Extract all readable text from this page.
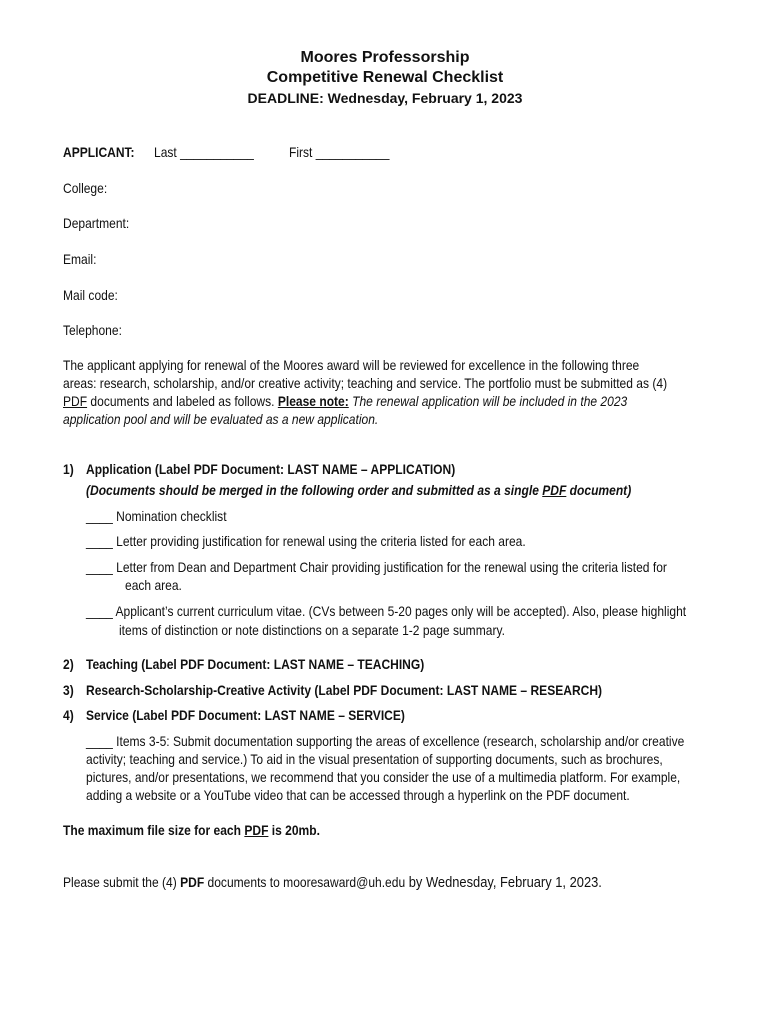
Moores Professorship
Competitive Renewal Checklist
DEADLINE: Wednesday, February 1, 2023
APPLICANT: Last ___________	First ___________
College:
Department:
Email:
Mail code:
Telephone:
The applicant applying for renewal of the Moores award will be reviewed for excellence in the following three
areas: research, scholarship, and/or creative activity; teaching and service. The portfolio must be submitted as (4)
PDF documents and labeled as follows. Please note: The renewal application will be included in the 2023
application pool and will be evaluated as a new application.
1) Application (Label PDF Document: LAST NAME – APPLICATION)
(Documents should be merged in the following order and submitted as a single PDF document)
____ Nomination checklist
____ Letter providing justification for renewal using the criteria listed for each area.
____ Letter from Dean and Department Chair providing justification for the renewal using the criteria listed for
each area.
____ Applicant’s current curriculum vitae. (CVs between 5-20 pages only will be accepted). Also, please highlight
items of distinction or note distinctions on a separate 1-2 page summary.
2) Teaching (Label PDF Document: LAST NAME – TEACHING)
3) Research-Scholarship-Creative Activity (Label PDF Document: LAST NAME – RESEARCH)
4) Service (Label PDF Document: LAST NAME – SERVICE)
____ Items 3-5: Submit documentation supporting the areas of excellence (research, scholarship and/or creative
activity; teaching and service.) To aid in the visual presentation of supporting documents, such as brochures,
pictures, and/or presentations, we recommend that you consider the use of a multimedia platform. For example,
adding a website or a YouTube video that can be accessed through a hyperlink on the PDF document.
The maximum file size for each PDF is 20mb.
Please submit the (4) PDF documents to mooresaward@uh.edu by Wednesday, February 1, 2023.
